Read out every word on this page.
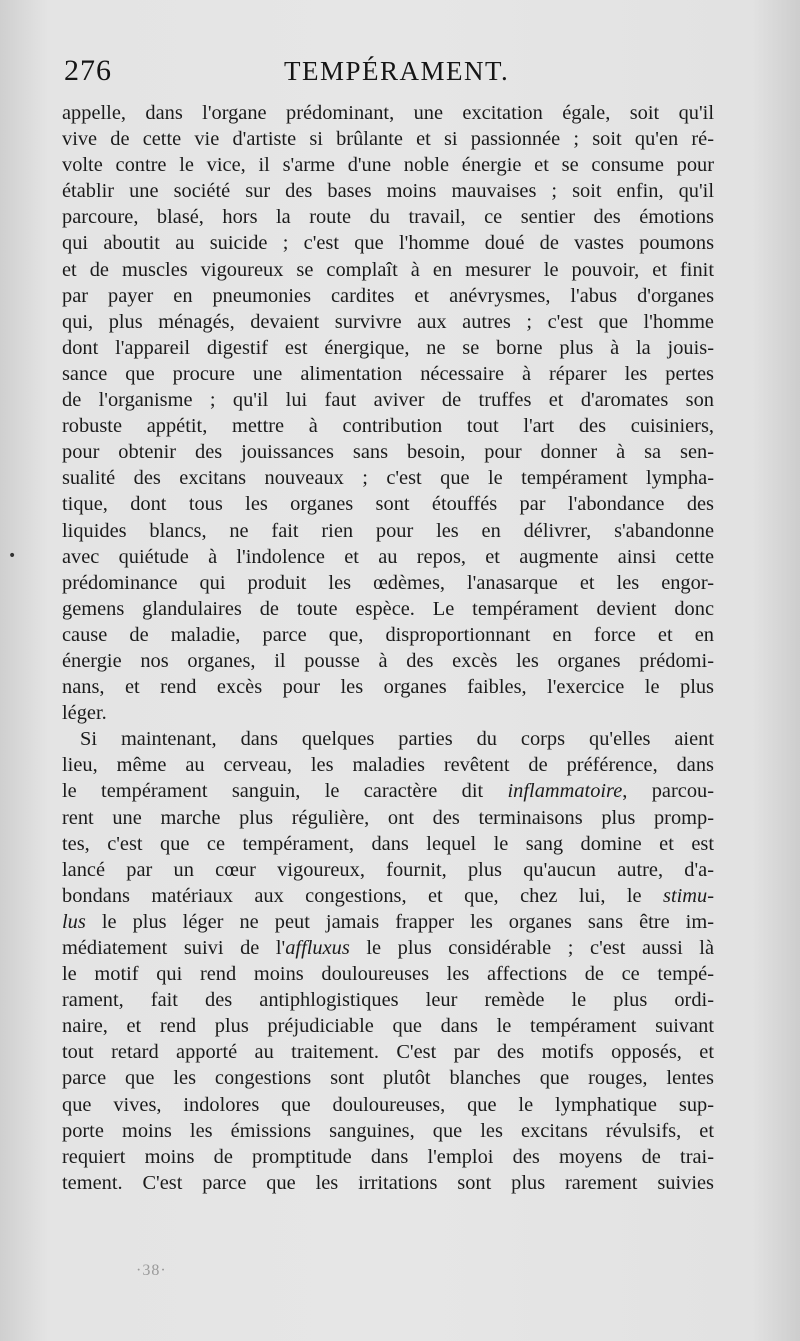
276	TEMPÉRAMENT.
•
appelle, dans l'organe prédominant, une excitation égale, soit qu'il
vive de cette vie d'artiste si brûlante et si passionnée ; soit qu'en ré-
volte contre le vice, il s'arme d'une noble énergie et se consume pour
établir une société sur des bases moins mauvaises ; soit enfin, qu'il
parcoure, blasé, hors la route du travail, ce sentier des émotions
qui aboutit au suicide ; c'est que l'homme doué de vastes poumons
et de muscles vigoureux se complaît à en mesurer le pouvoir, et finit
par payer en pneumonies cardites et anévrysmes, l'abus d'organes
qui, plus ménagés, devaient survivre aux autres ; c'est que l'homme
dont l'appareil digestif est énergique, ne se borne plus à la jouis-
sance que procure une alimentation nécessaire à réparer les pertes
de l'organisme ; qu'il lui faut aviver de truffes et d'aromates son
robuste appétit, mettre à contribution tout l'art des cuisiniers,
pour obtenir des jouissances sans besoin, pour donner à sa sen-
sualité des excitans nouveaux ; c'est que le tempérament lympha-
tique, dont tous les organes sont étouffés par l'abondance des
liquides blancs, ne fait rien pour les en délivrer, s'abandonne
avec quiétude à l'indolence et au repos, et augmente ainsi cette
prédominance qui produit les œdèmes, l'anasarque et les engor-
gemens glandulaires de toute espèce. Le tempérament devient donc
cause de maladie, parce que, disproportionnant en force et en
énergie nos organes, il pousse à des excès les organes prédomi-
nans, et rend excès pour les organes faibles, l'exercice le plus
léger.
Si maintenant, dans quelques parties du corps qu'elles aient
lieu, même au cerveau, les maladies revêtent de préférence, dans
le tempérament sanguin, le caractère dit inflammatoire, parcou-
rent une marche plus régulière, ont des terminaisons plus promp-
tes, c'est que ce tempérament, dans lequel le sang domine et est
lancé par un cœur vigoureux, fournit, plus qu'aucun autre, d'a-
bondans matériaux aux congestions, et que, chez lui, le stimu-
lus le plus léger ne peut jamais frapper les organes sans être im-
médiatement suivi de l'affluxus le plus considérable ; c'est aussi là
le motif qui rend moins douloureuses les affections de ce tempé-
rament, fait des antiphlogistiques leur remède le plus ordi-
naire, et rend plus préjudiciable que dans le tempérament suivant
tout retard apporté au traitement. C'est par des motifs opposés, et
parce que les congestions sont plutôt blanches que rouges, lentes
que vives, indolores que douloureuses, que le lymphatique sup-
porte moins les émissions sanguines, que les excitans révulsifs, et
requiert moins de promptitude dans l'emploi des moyens de trai-
tement. C'est parce que les irritations sont plus rarement suivies
·38·
